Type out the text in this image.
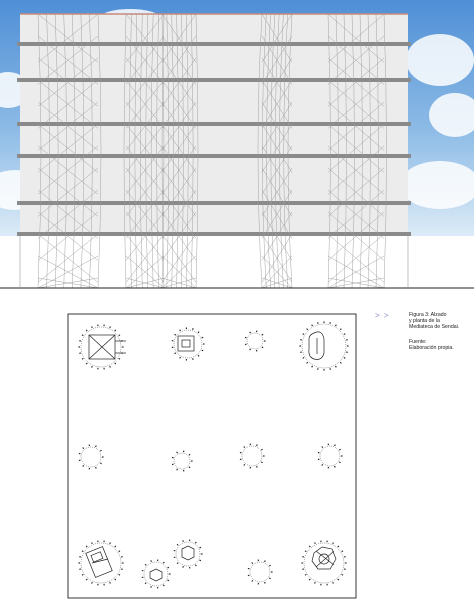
> >	Figura 3: Alzado
y planta de la
Mediateca de Sendai.
Fuente:
Elaboración propia.
